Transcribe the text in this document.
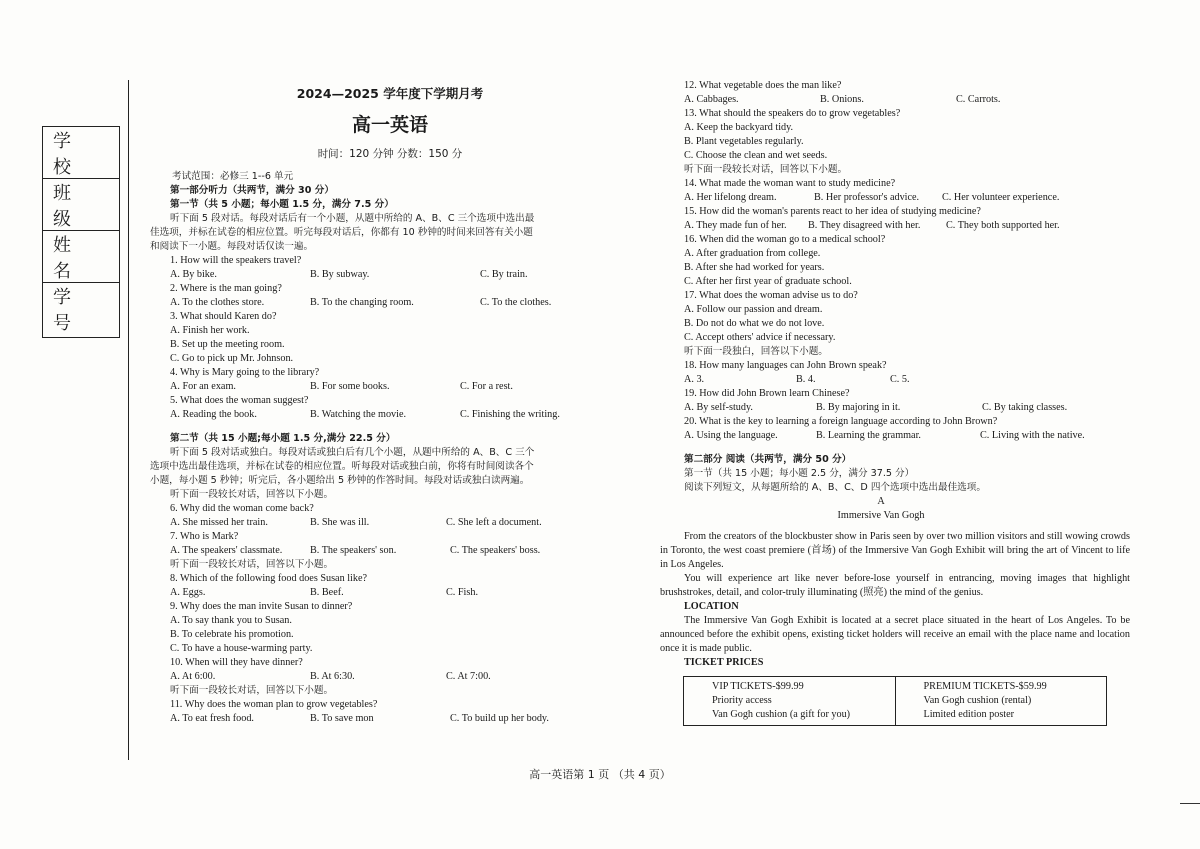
学 校
班 级
姓 名
学 号
2024—2025 学年度下学期月考
高一英语
时间：120 分钟 分数：150 分

考试范围：必修三 1--6 单元

第一部分听力（共两节，满分 30 分）

第一节（共 5 小题；每小题 1.5 分，满分 7.5 分）

听下面 5 段对话。每段对话后有一个小题，从题中所给的 A、B、C 三个选项中选出最

佳选项，并标在试卷的相应位置。听完每段对话后，你都有 10 秒钟的时间来回答有关小题

和阅读下一小题。每段对话仅读一遍。

1. How will the speakers travel?

A. By bike.	B. By subway.	C. By train.

2. Where is the man going?

A. To the clothes store.	B. To the changing room.	C. To the clothes.

3. What should Karen do?

A. Finish her work.

B. Set up the meeting room.

C. Go to pick up Mr. Johnson.

4. Why is Mary going to the library?

A. For an exam.	B. For some books.	C. For a rest.

5. What does the woman suggest?

A. Reading the book.	B. Watching the movie.	C. Finishing the writing.

第二节（共 15 小题;每小题 1.5 分,满分 22.5 分）

听下面 5 段对话或独白。每段对话或独白后有几个小题，从题中所给的 A、B、C 三个

选项中选出最佳选项，并标在试卷的相应位置。听每段对话或独白前，你将有时间阅读各个

小题，每小题 5 秒钟；听完后，各小题给出 5 秒钟的作答时间。每段对话或独白读两遍。

听下面一段较长对话，回答以下小题。

6. Why did the woman come back?

A. She missed her train.	B. She was ill.	C. She left a document.

7. Who is Mark?

A. The speakers' classmate.	B. The speakers' son.	C. The speakers' boss.

听下面一段较长对话，回答以下小题。

8. Which of the following food does Susan like?

A. Eggs.	B. Beef.	C. Fish.

9. Why does the man invite Susan to dinner?

A. To say thank you to Susan.

B. To celebrate his promotion.

C. To have a house-warming party.

10. When will they have dinner?

A. At 6:00.	B. At 6:30.	C. At 7:00.

听下面一段较长对话，回答以下小题。

11. Why does the woman plan to grow vegetables?

A. To eat fresh food.	B. To save mon	C. To build up her body.

12. What vegetable does the man like?

A. Cabbages.	B. Onions.	C. Carrots.

13. What should the speakers do to grow vegetables?

A. Keep the backyard tidy.

B. Plant vegetables regularly.

C. Choose the clean and wet seeds.

听下面一段较长对话，回答以下小题。

14. What made the woman want to study medicine?

A. Her lifelong dream.	B. Her professor's advice.	C. Her volunteer experience.

15. How did the woman's parents react to her idea of studying medicine?

A. They made fun of her.	B. They disagreed with her.	C. They both supported her.

16. When did the woman go to a medical school?

A. After graduation from college.

B. After she had worked for years.

C. After her first year of graduate school.

17. What does the woman advise us to do?

A. Follow our passion and dream.

B. Do not do what we do not love.

C. Accept others' advice if necessary.

听下面一段独白，回答以下小题。

18. How many languages can John Brown speak?

A. 3.	B. 4.	C. 5.

19. How did John Brown learn Chinese?

A. By self-study.	B. By majoring in it.	C. By taking classes.

20. What is the key to learning a foreign language according to John Brown?

A. Using the language.	B. Learning the grammar.	C. Living with the native.

第二部分 阅读（共两节，满分 50 分）

第一节（共 15 小题；每小题 2.5 分，满分 37.5 分）

阅读下列短文，从每题所给的 A、B、C、D 四个选项中选出最佳选项。

A

Immersive Van Gogh

From the creators of the blockbuster show in Paris seen by over two million visitors and still wowing crowds in Toronto, the west coast premiere (首场) of the Immersive Van Gogh Exhibit will bring the art of Vincent to life in Los Angeles.

You will experience art like never before-lose yourself in entrancing, moving images that highlight brushstrokes, detail, and color-truly illuminating (照亮) the mind of the genius.

LOCATION

The Immersive Van Gogh Exhibit is located at a secret place situated in the heart of Los Angeles. To be announced before the exhibit opens, existing ticket holders will receive an email with the place name and location once it is made public.

TICKET PRICES

VIP TICKETS-$99.99
Priority access
Van Gogh cushion (a gift for you)

PREMIUM TICKETS-$59.99
Van Gogh cushion (rental)
Limited edition poster
高一英语第 1 页 （共 4 页）
